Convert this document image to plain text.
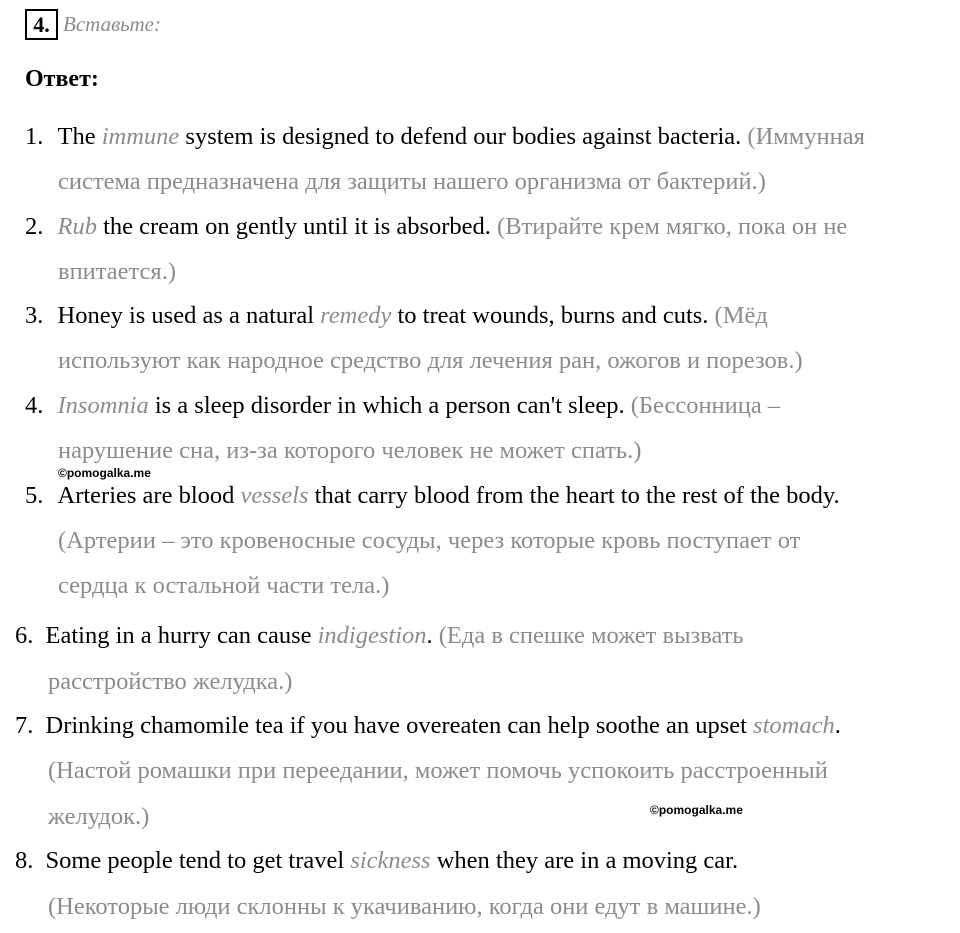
4. Вставьте:
Ответ:
1. The immune system is designed to defend our bodies against bacteria. (Иммунная
система предназначена для защиты нашего организма от бактерий.)
2. Rub the cream on gently until it is absorbed. (Втирайте крем мягко, пока он не
впитается.)
3. Honey is used as a natural remedy to treat wounds, burns and cuts. (Мёд
используют как народное средство для лечения ран, ожогов и порезов.)
4. Insomnia is a sleep disorder in which a person can't sleep. (Бессонница –
нарушение сна, из-за которого человек не может спать.)
©pomogalka.me
5. Arteries are blood vessels that carry blood from the heart to the rest of the body.
(Артерии – это кровеносные сосуды, через которые кровь поступает от
сердца к остальной части тела.)
6. Eating in a hurry can cause indigestion. (Еда в спешке может вызвать
расстройство желудка.)
7. Drinking chamomile tea if you have overeaten can help soothe an upset stomach.
(Настой ромашки при переедании, может помочь успокоить расстроенный
желудок.)	©pomogalka.me
8. Some people tend to get travel sickness when they are in a moving car.
(Некоторые люди склонны к укачиванию, когда они едут в машине.)
